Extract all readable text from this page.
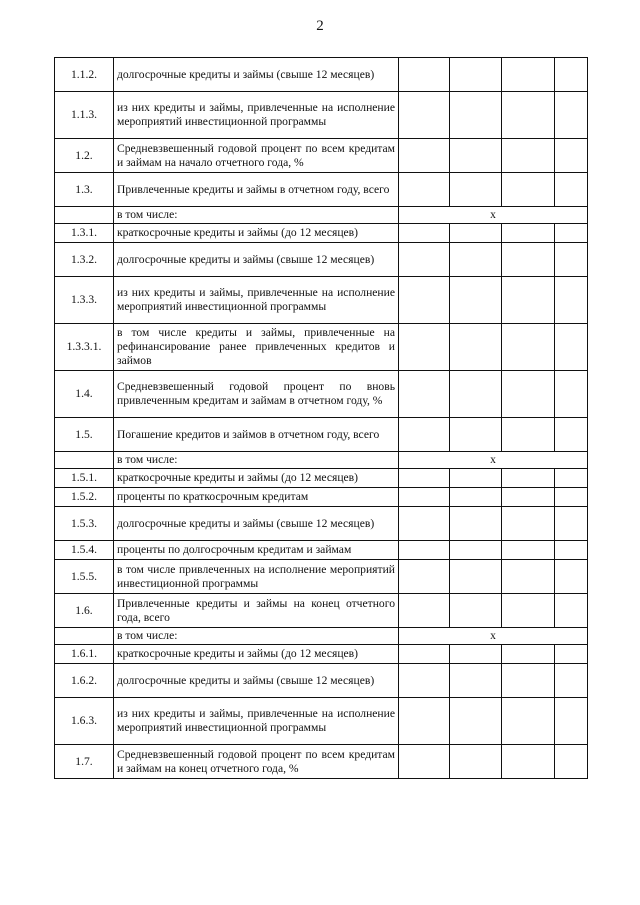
2
1.1.2.	долгосрочные кредиты и займы (свыше 12 месяцев)				
1.1.3.	из них кредиты и займы, привлеченные на исполнение мероприятий инвестиционной программы				
1.2.	Средневзвешенный годовой процент по всем кредитам и займам на начало отчетного года, %				
1.3.	Привлеченные кредиты и займы в отчетном году, всего				
	в том числе:	x			
1.3.1.	краткосрочные кредиты и займы (до 12 месяцев)				
1.3.2.	долгосрочные кредиты и займы (свыше 12 месяцев)				
1.3.3.	из них кредиты и займы, привлеченные на исполнение мероприятий инвестиционной программы				
1.3.3.1.	в том числе кредиты и займы, привлеченные на рефинансирование ранее привлеченных кредитов и займов				
1.4.	Средневзвешенный годовой процент по вновь привлеченным кредитам и займам в отчетном году, %				
1.5.	Погашение кредитов и займов в отчетном году, всего				
	в том числе:	x			
1.5.1.	краткосрочные кредиты и займы (до 12 месяцев)				
1.5.2.	проценты по краткосрочным кредитам				
1.5.3.	долгосрочные кредиты и займы (свыше 12 месяцев)				
1.5.4.	проценты по долгосрочным кредитам и займам				
1.5.5.	в том числе привлеченных на исполнение мероприятий инвестиционной программы				
1.6.	Привлеченные кредиты и займы на конец отчетного года, всего				
	в том числе:	x			
1.6.1.	краткосрочные кредиты и займы (до 12 месяцев)				
1.6.2.	долгосрочные кредиты и займы (свыше 12 месяцев)				
1.6.3.	из них кредиты и займы, привлеченные на исполнение мероприятий инвестиционной программы				
1.7.	Средневзвешенный годовой процент по всем кредитам и займам на конец отчетного года, %				
